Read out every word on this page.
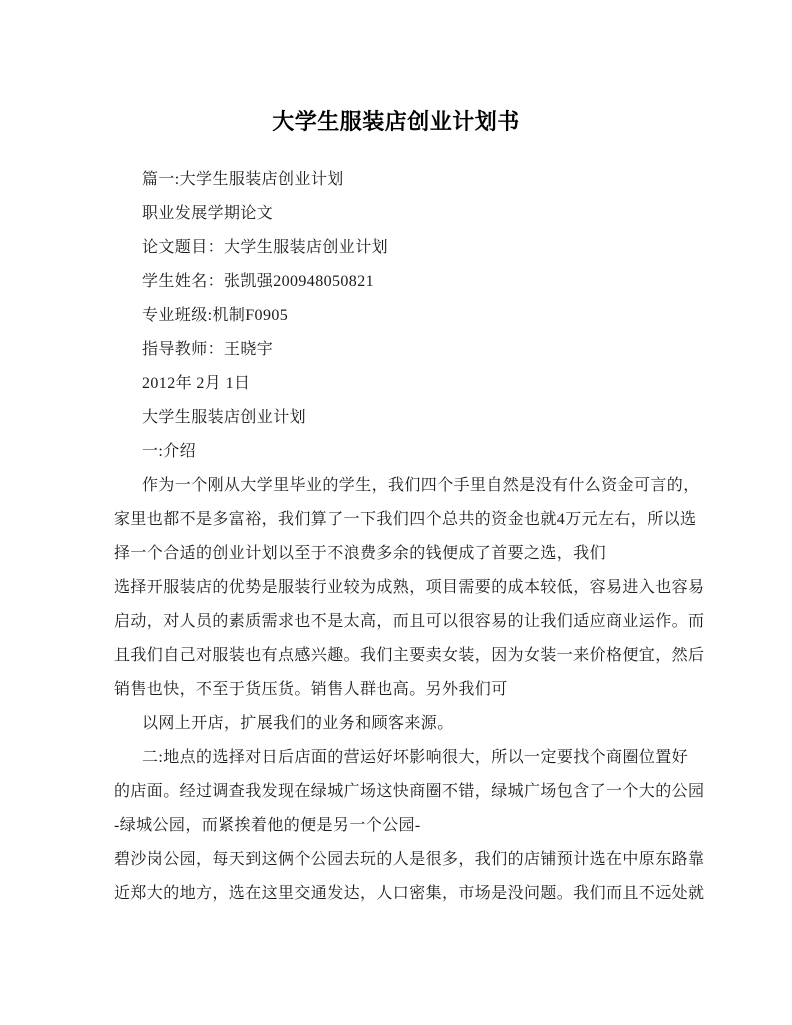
大学生服装店创业计划书
篇一:大学生服装店创业计划
职业发展学期论文
论文题目：大学生服装店创业计划
学生姓名：张凯强200948050821
专业班级:机制F0905
指导教师：王晓宇
2012年 2月 1日
大学生服装店创业计划
一:介绍
作为一个刚从大学里毕业的学生，我们四个手里自然是没有什么资金可言的，
家里也都不是多富裕，我们算了一下我们四个总共的资金也就4万元左右，所以选
择一个合适的创业计划以至于不浪费多余的钱便成了首要之选，我们
选择开服装店的优势是服装行业较为成熟，项目需要的成本较低，容易进入也容易
启动，对人员的素质需求也不是太高，而且可以很容易的让我们适应商业运作。而
且我们自己对服装也有点感兴趣。我们主要卖女装，因为女装一来价格便宜，然后
销售也快，不至于货压货。销售人群也高。另外我们可
以网上开店，扩展我们的业务和顾客来源。
二:地点的选择对日后店面的营运好坏影响很大，所以一定要找个商圈位置好
的店面。经过调查我发现在绿城广场这快商圈不错，绿城广场包含了一个大的公园
-绿城公园，而紧挨着他的便是另一个公园-
碧沙岗公园，每天到这俩个公园去玩的人是很多，我们的店铺预计选在中原东路靠
近郑大的地方，选在这里交通发达，人口密集，市场是没问题。我们而且不远处就
